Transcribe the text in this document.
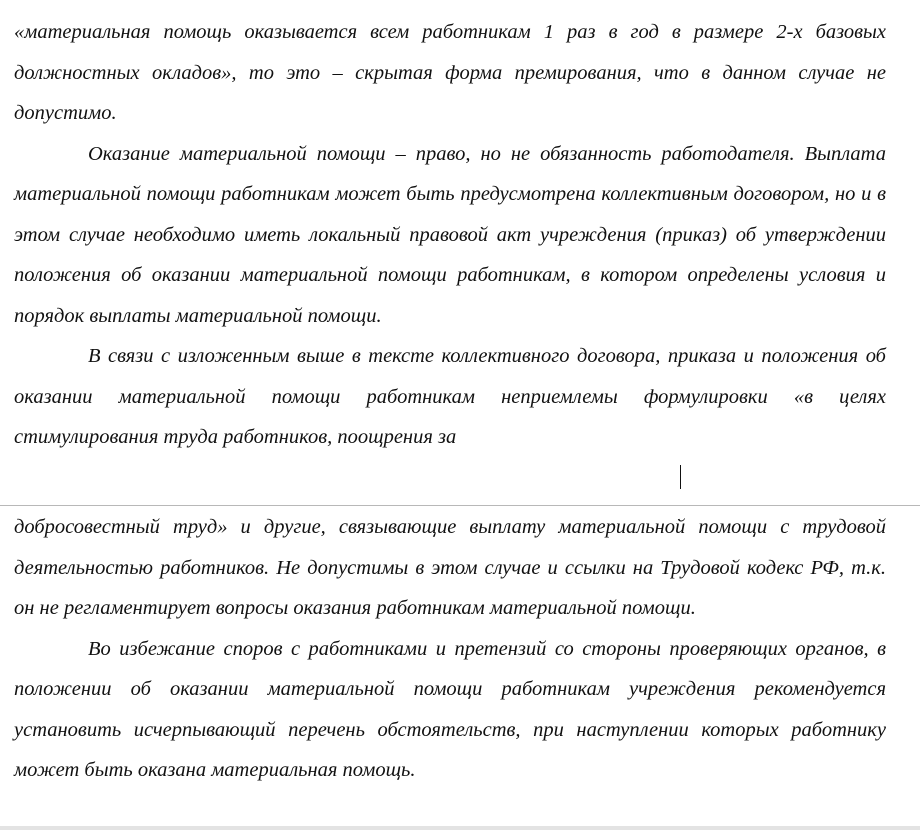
«материальная помощь оказывается всем работникам 1 раз в год в размере 2-х базовых должностных окладов», то это – скрытая форма премирования, что в данном случае не допустимо.

Оказание материальной помощи – право, но не обязанность работодателя. Выплата материальной помощи работникам может быть предусмотрена коллективным договором, но и в этом случае необходимо иметь локальный правовой акт учреждения (приказ) об утверждении положения об оказании материальной помощи работникам, в котором определены условия и порядок выплаты материальной помощи.

В связи с изложенным выше в тексте коллективного договора, приказа и положения об оказании материальной помощи работникам неприемлемы формулировки «в целях стимулирования труда работников, поощрения за

добросовестный труд» и другие, связывающие выплату материальной помощи с трудовой деятельностью работников. Не допустимы в этом случае и ссылки на Трудовой кодекс РФ, т.к. он не регламентирует вопросы оказания работникам материальной помощи.

Во избежание споров с работниками и претензий со стороны проверяющих органов, в положении об оказании материальной помощи работникам учреждения рекомендуется установить исчерпывающий перечень обстоятельств, при наступлении которых работнику может быть оказана материальная помощь.
